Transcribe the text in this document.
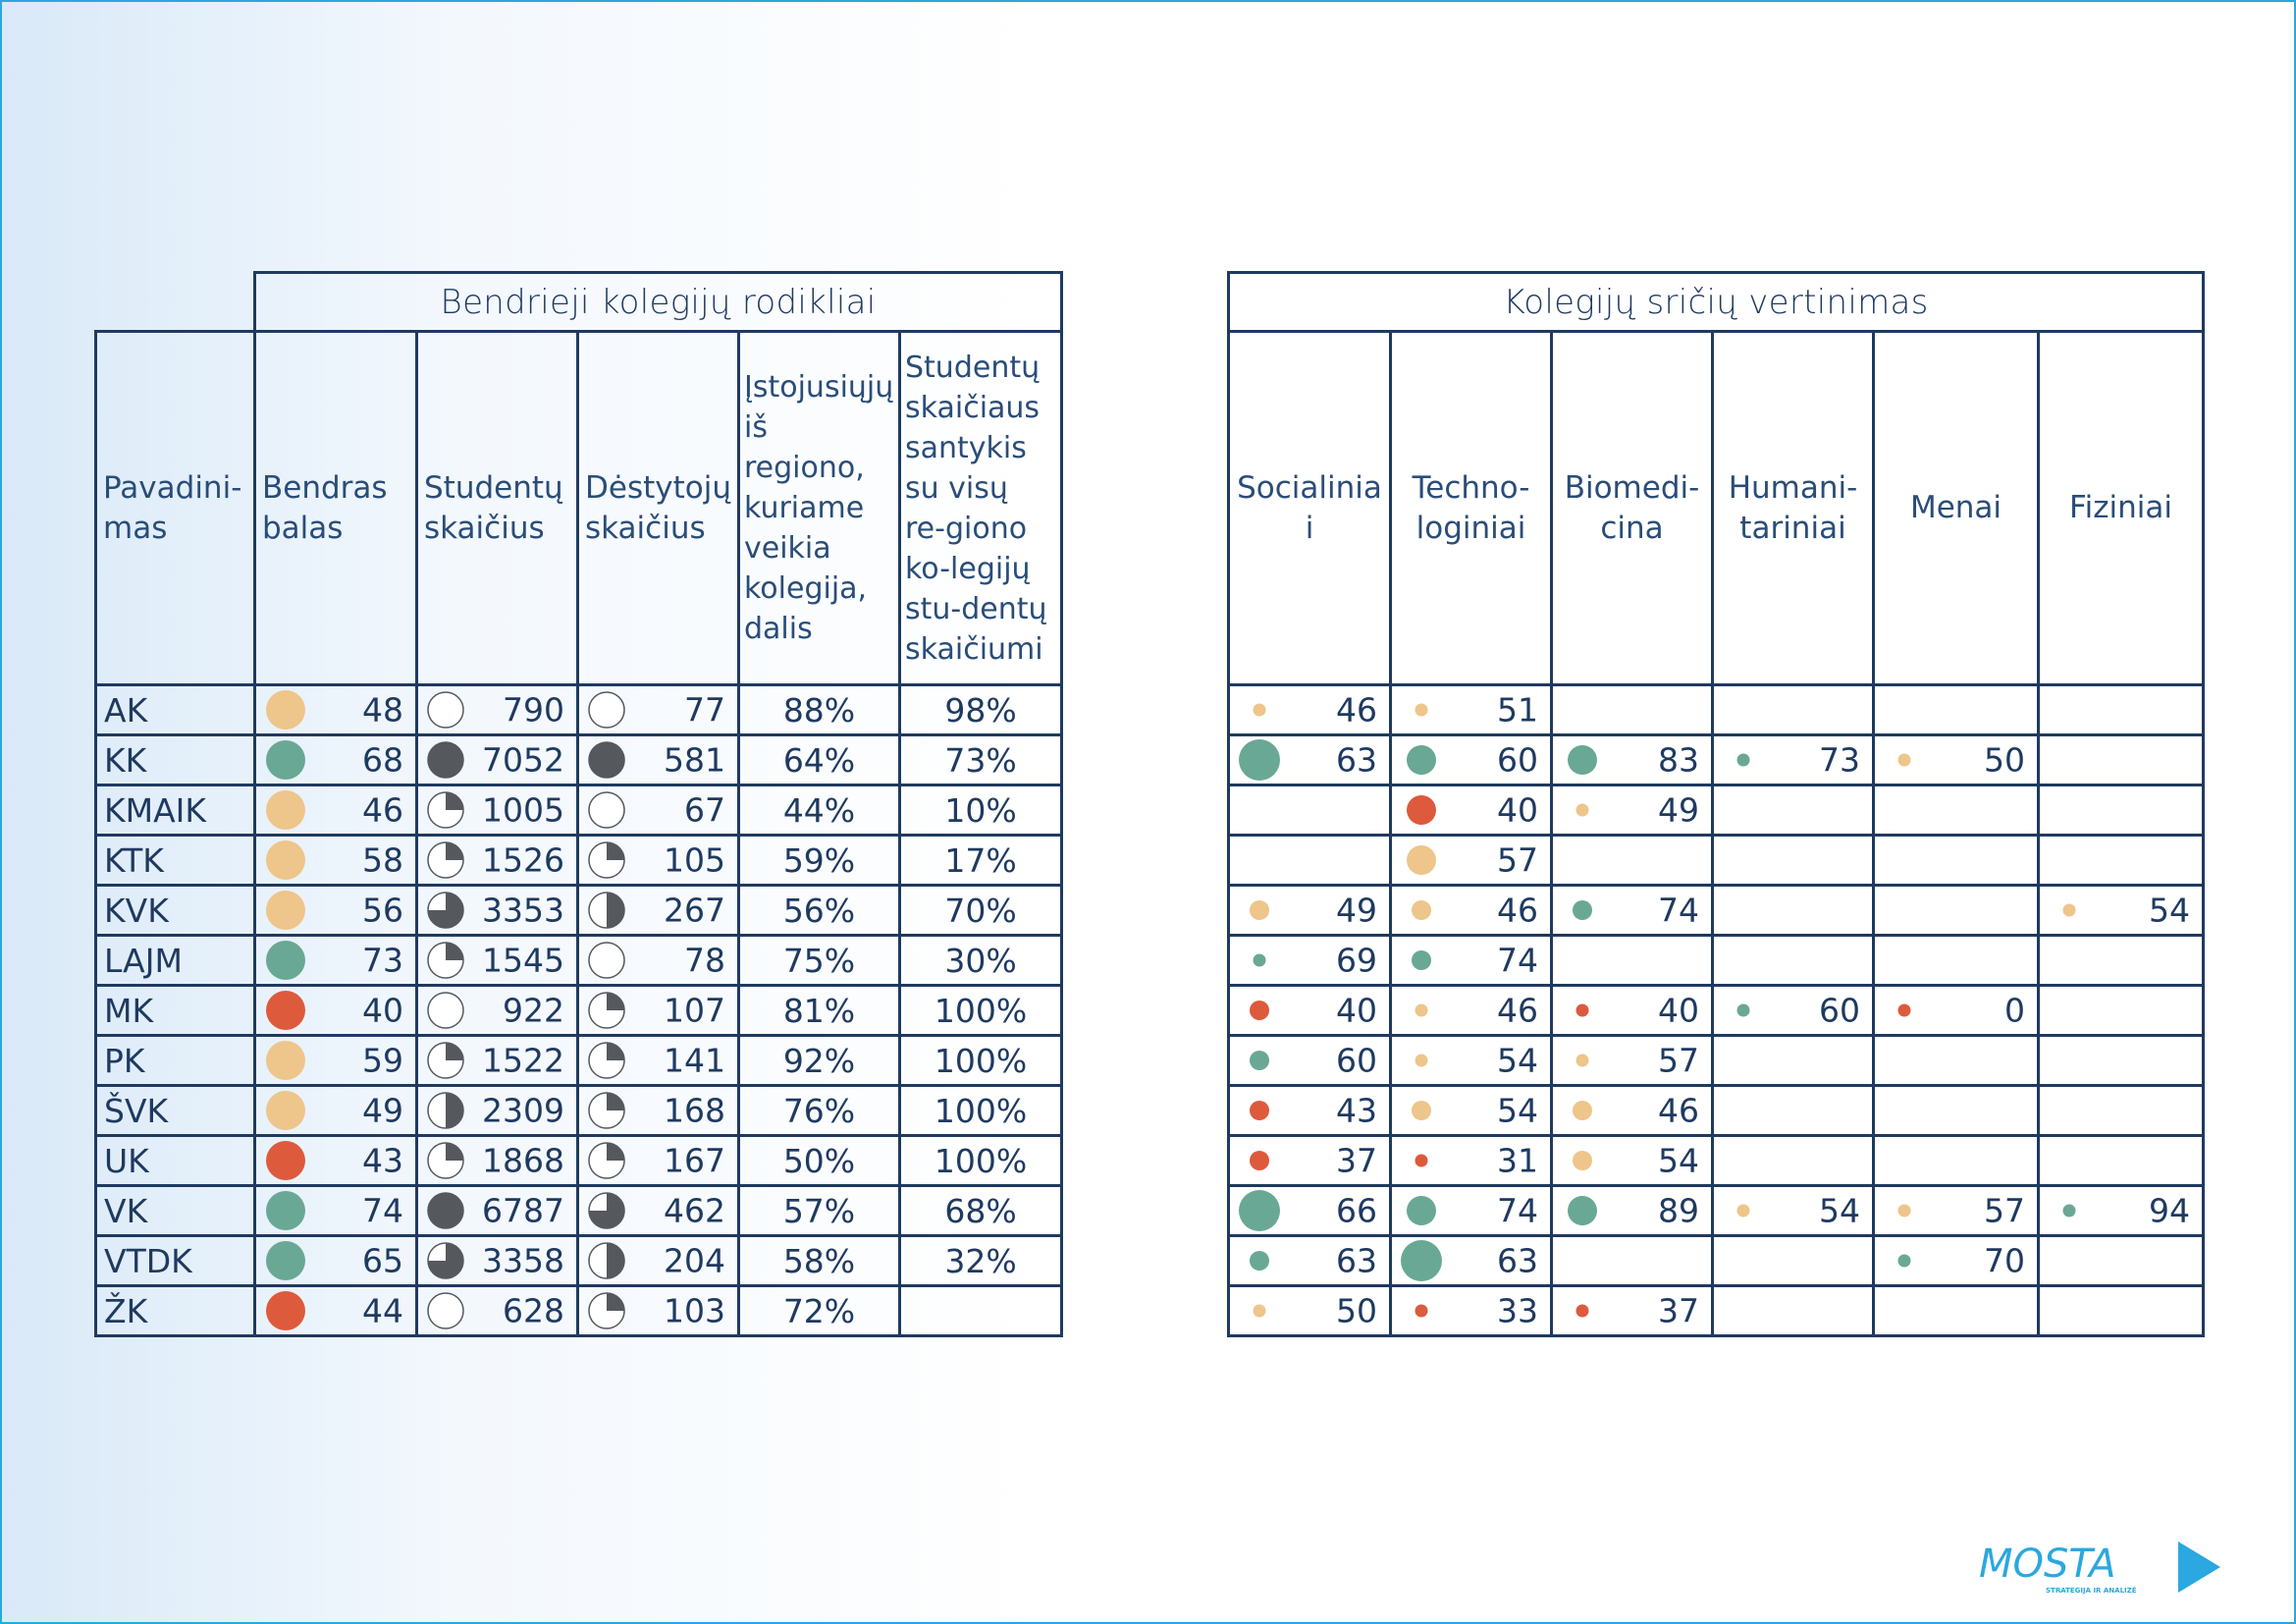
	Bendrieji kolegijų rodikliai				
Pavadini-mas	Bendras balas	Studentų skaičius	Dėstytojų skaičius	Įstojusiųjų iš regiono, kuriame veikia kolegija, dalis	Studentų skaičiaus santykis su visų re-giono ko-legijų stu-dentų skaičiumi
AK	48	790	77	88%	98%
KK	68	7052	581	64%	73%
KMAIK	46	1005	67	44%	10%
KTK	58	1526	105	59%	17%
KVK	56	3353	267	56%	70%
LAJM	73	1545	78	75%	30%
MK	40	922	107	81%	100%
PK	59	1522	141	92%	100%
ŠVK	49	2309	168	76%	100%
UK	43	1868	167	50%	100%
VK	74	6787	462	57%	68%
VTDK	65	3358	204	58%	32%
ŽK	44	628	103	72%	
Kolegijų sričių vertinimas					
Socialiniai	Techno-loginiai	Biomedi-cina	Humani-tariniai	Menai	Fiziniai

46	51				

63	60	83	73	50	

	40	49			

	57				

49	46	74			54

69	74				

40	46	40	60	0	

60	54	57			

43	54	46			

37	31	54			

66	74	89	54	57	94

63	63			70	

50	33	37			

MOSTA
STRATEGIJA IR ANALIZĖ
